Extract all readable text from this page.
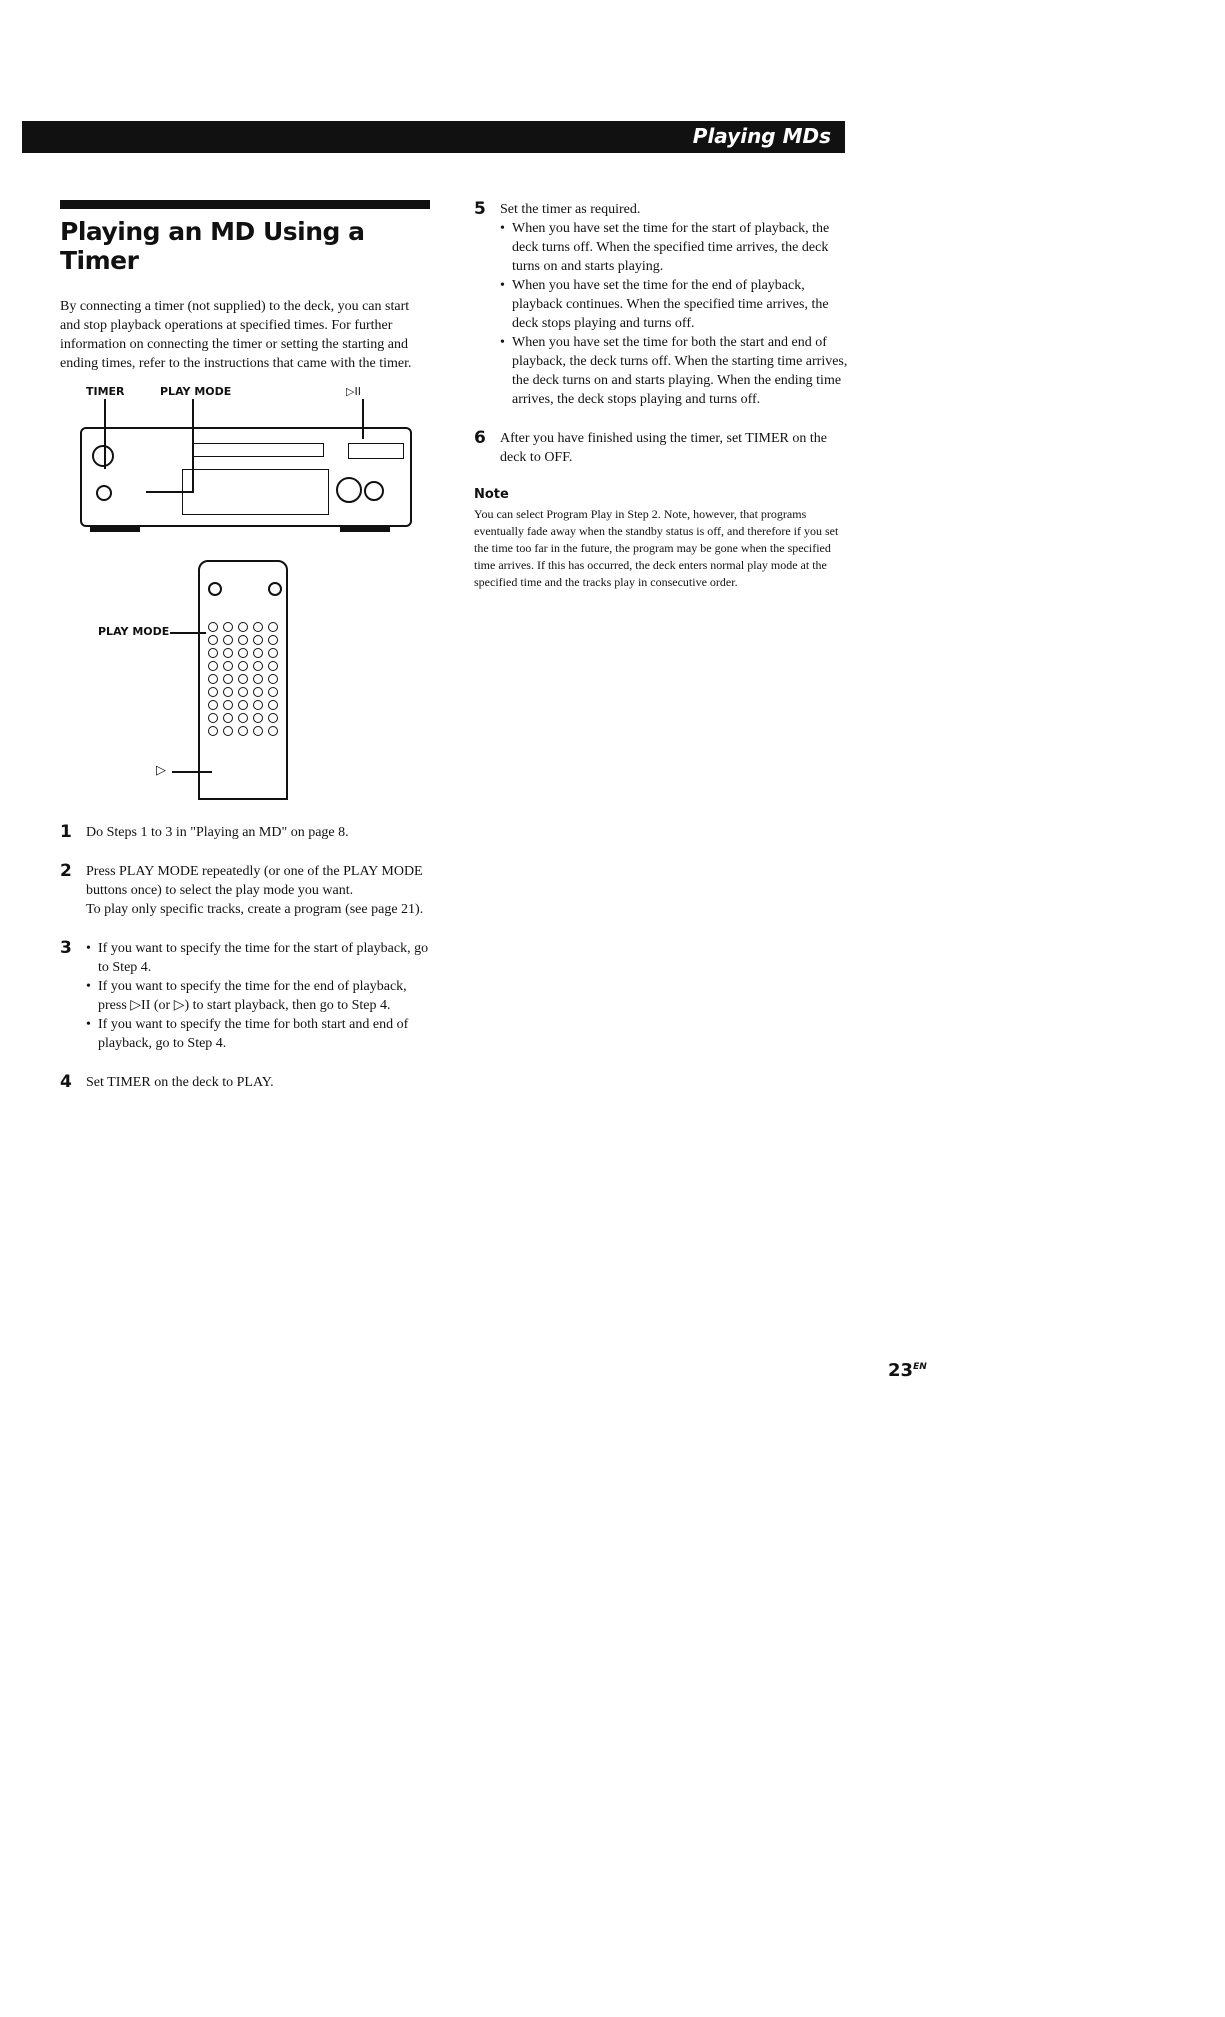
Playing MDs
Playing an MD Using a Timer

By connecting a timer (not supplied) to the deck, you can start and stop playback operations at specified times. For further information on connecting the timer or setting the starting and ending times, refer to the instructions that came with the timer.

TIMER	PLAY MODE	▷II
PLAY MODE
▷
1 Do Steps 1 to 3 in "Playing an MD" on page 8.
2 Press PLAY MODE repeatedly (or one of the PLAY MODE buttons once) to select the play mode you want.
To play only specific tracks, create a program (see page 21).
3
•	If you want to specify the time for the start of playback, go to Step 4.
• If you want to specify the time for the end of playback, press ▷II (or ▷) to start playback, then go to Step 4.
• If you want to specify the time for both start and end of playback, go to Step 4.
4 Set TIMER on the deck to PLAY.
5 Set the timer as required.
• When you have set the time for the start of playback, the deck turns off. When the specified time arrives, the deck turns on and starts playing.
• When you have set the time for the end of playback, playback continues. When the specified time arrives, the deck stops playing and turns off.
• When you have set the time for both the start and end of playback, the deck turns off. When the starting time arrives, the deck turns on and starts playing. When the ending time arrives, the deck stops playing and turns off.
6 After you have finished using the timer, set TIMER on the deck to OFF.
Note
You can select Program Play in Step 2. Note, however, that programs eventually fade away when the standby status is off, and therefore if you set the time too far in the future, the program may be gone when the specified time arrives. If this has occurred, the deck enters normal play mode at the specified time and the tracks play in consecutive order.
$23^{EN}$
